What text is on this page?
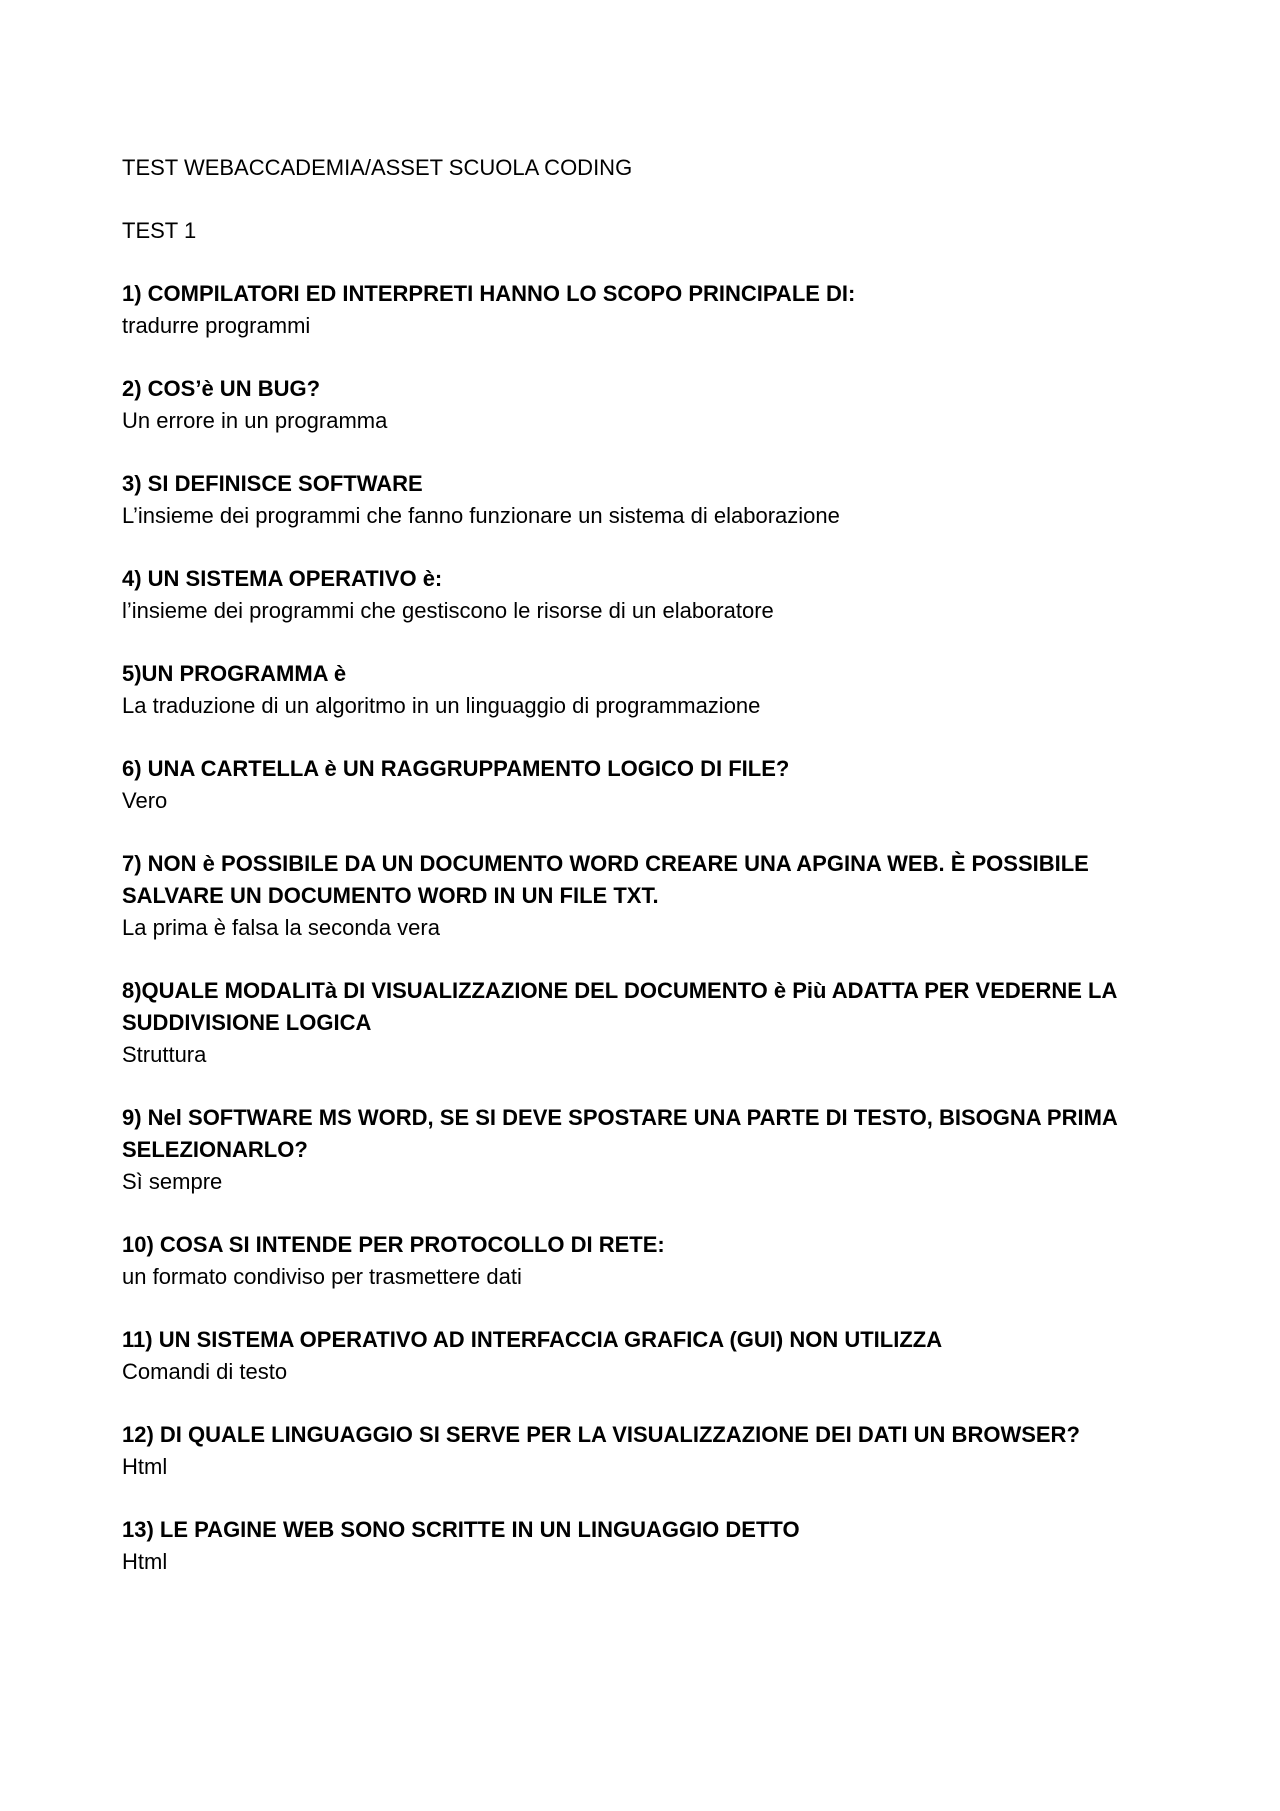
TEST WEBACCADEMIA/ASSET SCUOLA CODING

TEST 1

1) COMPILATORI ED INTERPRETI HANNO LO SCOPO PRINCIPALE DI:

tradurre programmi

2) COS’è UN BUG?

Un errore in un programma

3) SI DEFINISCE SOFTWARE

L’insieme dei programmi che fanno funzionare un sistema di elaborazione

4) UN SISTEMA OPERATIVO è:

l’insieme dei programmi che gestiscono le risorse di un elaboratore

5)UN PROGRAMMA è

La traduzione di un algoritmo in un linguaggio di programmazione

6) UNA CARTELLA è UN RAGGRUPPAMENTO LOGICO DI FILE?

Vero

7) NON è POSSIBILE DA UN DOCUMENTO WORD CREARE UNA APGINA WEB. È POSSIBILE SALVARE UN DOCUMENTO WORD IN UN FILE TXT.

La prima è falsa la seconda vera

8)QUALE MODALITà DI VISUALIZZAZIONE DEL DOCUMENTO è Più ADATTA PER VEDERNE LA SUDDIVISIONE LOGICA

Struttura

9) Nel SOFTWARE MS WORD, SE SI DEVE SPOSTARE UNA PARTE DI TESTO, BISOGNA PRIMA SELEZIONARLO?

Sì sempre

10) COSA SI INTENDE PER PROTOCOLLO DI RETE:

un formato condiviso per trasmettere dati

11) UN SISTEMA OPERATIVO AD INTERFACCIA GRAFICA (GUI) NON UTILIZZA

Comandi di testo

12) DI QUALE LINGUAGGIO SI SERVE PER LA VISUALIZZAZIONE DEI DATI UN BROWSER?

Html

13) LE PAGINE WEB SONO SCRITTE IN UN LINGUAGGIO DETTO

Html
